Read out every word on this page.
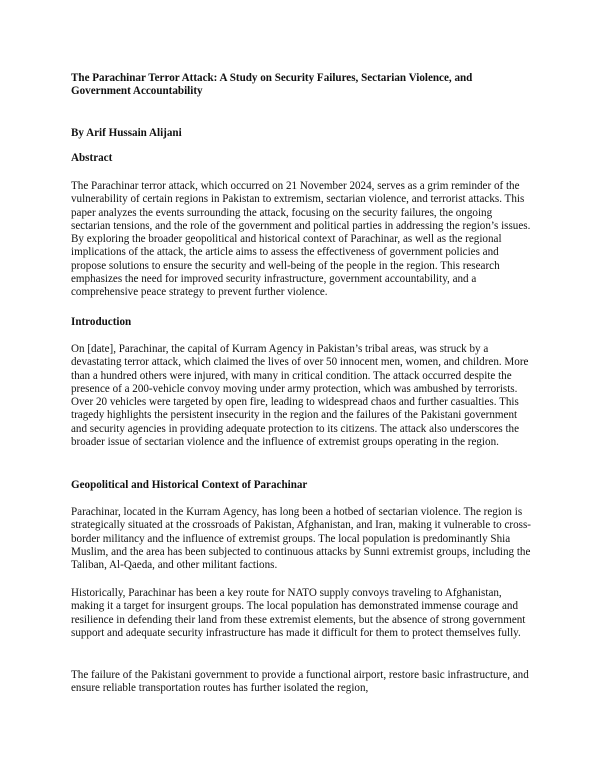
The Parachinar Terror Attack: A Study on Security Failures, Sectarian Violence, and Government Accountability

By Arif Hussain Alijani

Abstract

The Parachinar terror attack, which occurred on 21 November 2024, serves as a grim reminder of the vulnerability of certain regions in Pakistan to extremism, sectarian violence, and terrorist attacks. This paper analyzes the events surrounding the attack, focusing on the security failures, the ongoing sectarian tensions, and the role of the government and political parties in addressing the region’s issues. By exploring the broader geopolitical and historical context of Parachinar, as well as the regional implications of the attack, the article aims to assess the effectiveness of government policies and propose solutions to ensure the security and well-being of the people in the region. This research emphasizes the need for improved security infrastructure, government accountability, and a comprehensive peace strategy to prevent further violence.

Introduction

On [date], Parachinar, the capital of Kurram Agency in Pakistan’s tribal areas, was struck by a devastating terror attack, which claimed the lives of over 50 innocent men, women, and children. More than a hundred others were injured, with many in critical condition. The attack occurred despite the presence of a 200-vehicle convoy moving under army protection, which was ambushed by terrorists. Over 20 vehicles were targeted by open fire, leading to widespread chaos and further casualties. This tragedy highlights the persistent insecurity in the region and the failures of the Pakistani government and security agencies in providing adequate protection to its citizens. The attack also underscores the broader issue of sectarian violence and the influence of extremist groups operating in the region.

Geopolitical and Historical Context of Parachinar

Parachinar, located in the Kurram Agency, has long been a hotbed of sectarian violence. The region is strategically situated at the crossroads of Pakistan, Afghanistan, and Iran, making it vulnerable to cross-border militancy and the influence of extremist groups. The local population is predominantly Shia Muslim, and the area has been subjected to continuous attacks by Sunni extremist groups, including the Taliban, Al-Qaeda, and other militant factions.

Historically, Parachinar has been a key route for NATO supply convoys traveling to Afghanistan, making it a target for insurgent groups. The local population has demonstrated immense courage and resilience in defending their land from these extremist elements, but the absence of strong government support and adequate security infrastructure has made it difficult for them to protect themselves fully.

The failure of the Pakistani government to provide a functional airport, restore basic infrastructure, and ensure reliable transportation routes has further isolated the region,
